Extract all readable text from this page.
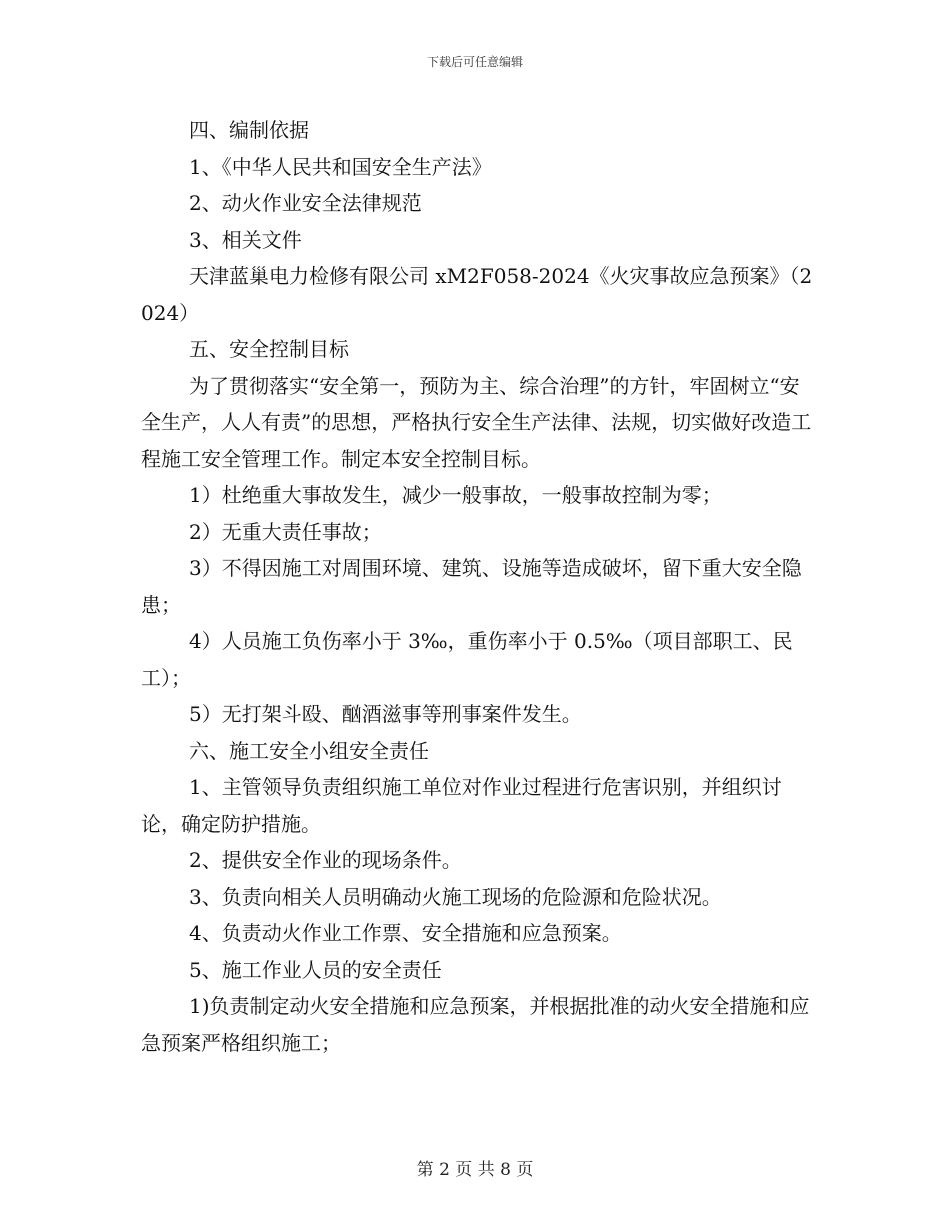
下载后可任意编辑

四、编制依据

1、《中华人民共和国安全生产法》

2、动火作业安全法律规范

3、相关文件

天津蓝巢电力检修有限公司 xM2F058-2024《火灾事故应急预案》（2024）

五、安全控制目标

为了贯彻落实“安全第一，预防为主、综合治理”的方针，牢固树立“安全生产，人人有责”的思想，严格执行安全生产法律、法规，切实做好改造工程施工安全管理工作。制定本安全控制目标。

1）杜绝重大事故发生，减少一般事故，一般事故控制为零；

2）无重大责任事故；

3）不得因施工对周围环境、建筑、设施等造成破坏，留下重大安全隐患；

4）人员施工负伤率小于 3‰，重伤率小于 0.5‰（项目部职工、民工）；

5）无打架斗殴、酗酒滋事等刑事案件发生。

六、施工安全小组安全责任

1、主管领导负责组织施工单位对作业过程进行危害识别，并组织讨论，确定防护措施。

2、提供安全作业的现场条件。

3、负责向相关人员明确动火施工现场的危险源和危险状况。

4、负责动火作业工作票、安全措施和应急预案。

5、施工作业人员的安全责任

1)负责制定动火安全措施和应急预案，并根据批准的动火安全措施和应急预案严格组织施工；

第 2 页 共 8 页
